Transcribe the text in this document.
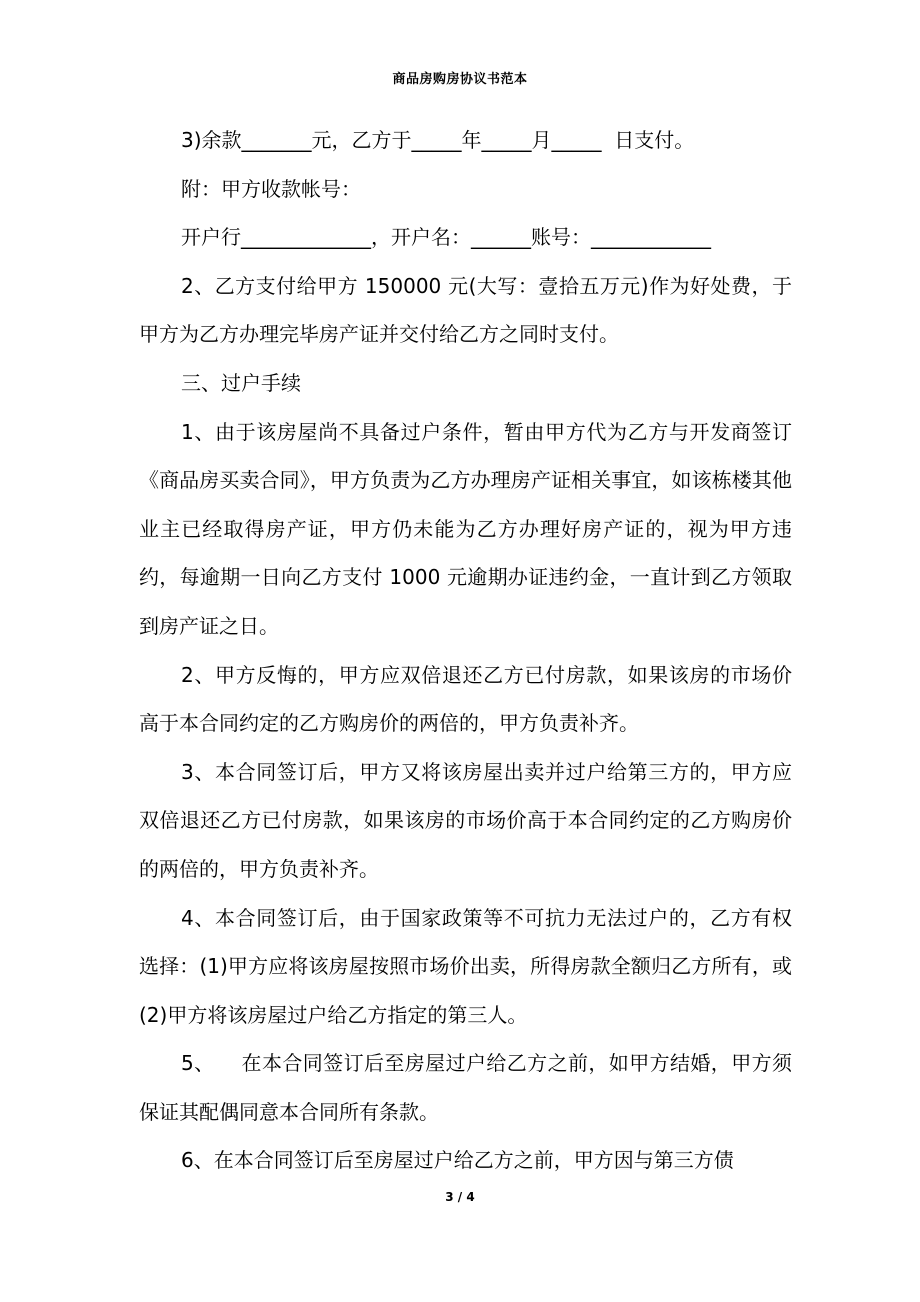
商品房购房协议书范本

3)余款_______元，乙方于_____年_____月_____  日支付。

附：甲方收款帐号：

开户行_____________，开户名：______账号：____________

2、乙方支付给甲方 150000 元(大写：壹拾五万元)作为好处费，于甲方为乙方办理完毕房产证并交付给乙方之同时支付。

三、过户手续

1、由于该房屋尚不具备过户条件，暂由甲方代为乙方与开发商签订《商品房买卖合同》，甲方负责为乙方办理房产证相关事宜，如该栋楼其他业主已经取得房产证，甲方仍未能为乙方办理好房产证的，视为甲方违约，每逾期一日向乙方支付 1000 元逾期办证违约金，一直计到乙方领取到房产证之日。

2、甲方反悔的，甲方应双倍退还乙方已付房款，如果该房的市场价高于本合同约定的乙方购房价的两倍的，甲方负责补齐。

3、本合同签订后，甲方又将该房屋出卖并过户给第三方的，甲方应双倍退还乙方已付房款，如果该房的市场价高于本合同约定的乙方购房价的两倍的，甲方负责补齐。

4、本合同签订后，由于国家政策等不可抗力无法过户的，乙方有权选择：(1)甲方应将该房屋按照市场价出卖，所得房款全额归乙方所有，或(2)甲方将该房屋过户给乙方指定的第三人。

5、    在本合同签订后至房屋过户给乙方之前，如甲方结婚，甲方须保证其配偶同意本合同所有条款。

6、在本合同签订后至房屋过户给乙方之前，甲方因与第三方债

3 / 4
